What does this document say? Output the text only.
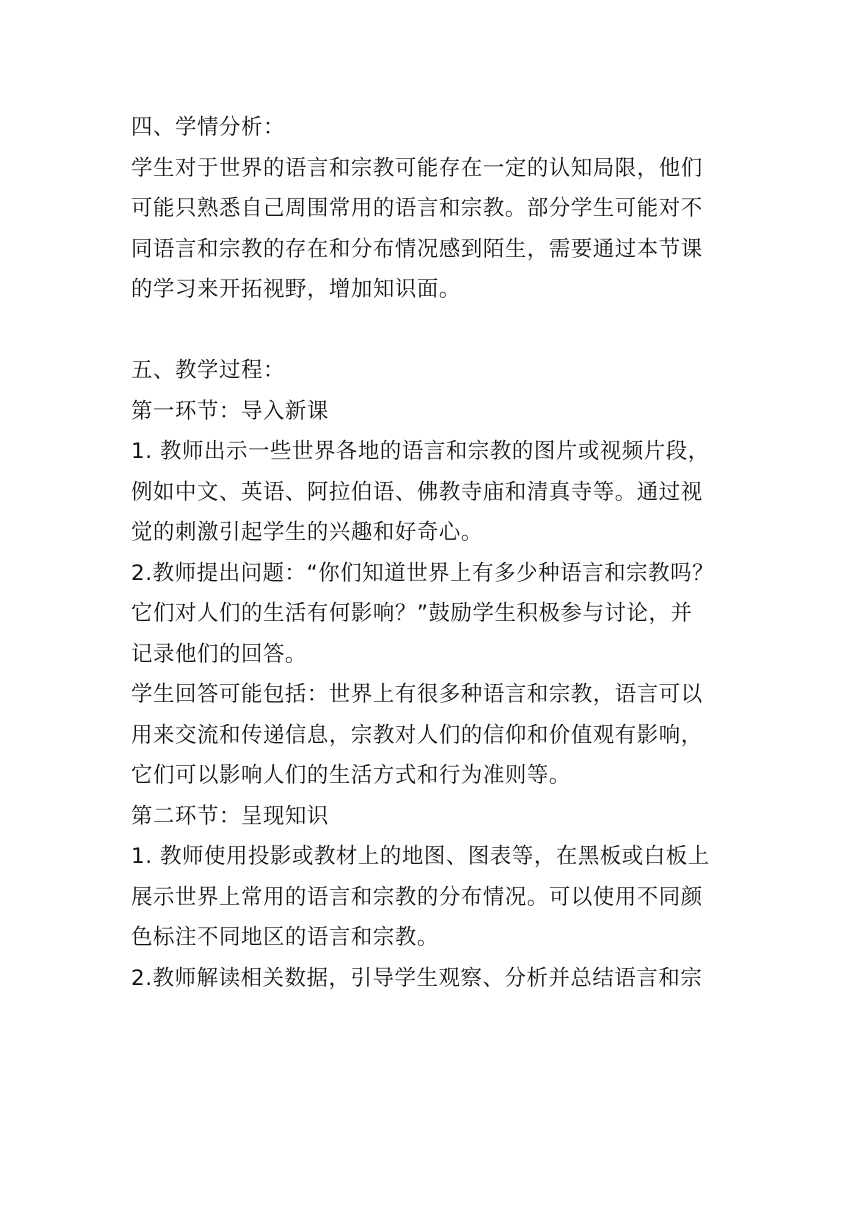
四、学情分析：
学生对于世界的语言和宗教可能存在一定的认知局限，他们
可能只熟悉自己周围常用的语言和宗教。部分学生可能对不
同语言和宗教的存在和分布情况感到陌生，需要通过本节课
的学习来开拓视野，增加知识面。
五、教学过程：
第一环节：导入新课
1. 教师出示一些世界各地的语言和宗教的图片或视频片段，
例如中文、英语、阿拉伯语、佛教寺庙和清真寺等。通过视
觉的刺激引起学生的兴趣和好奇心。
2.教师提出问题：“你们知道世界上有多少种语言和宗教吗？
它们对人们的生活有何影响？”鼓励学生积极参与讨论，并
记录他们的回答。
学生回答可能包括：世界上有很多种语言和宗教，语言可以
用来交流和传递信息，宗教对人们的信仰和价值观有影响，
它们可以影响人们的生活方式和行为准则等。
第二环节：呈现知识
1. 教师使用投影或教材上的地图、图表等，在黑板或白板上
展示世界上常用的语言和宗教的分布情况。可以使用不同颜
色标注不同地区的语言和宗教。
2.教师解读相关数据，引导学生观察、分析并总结语言和宗
